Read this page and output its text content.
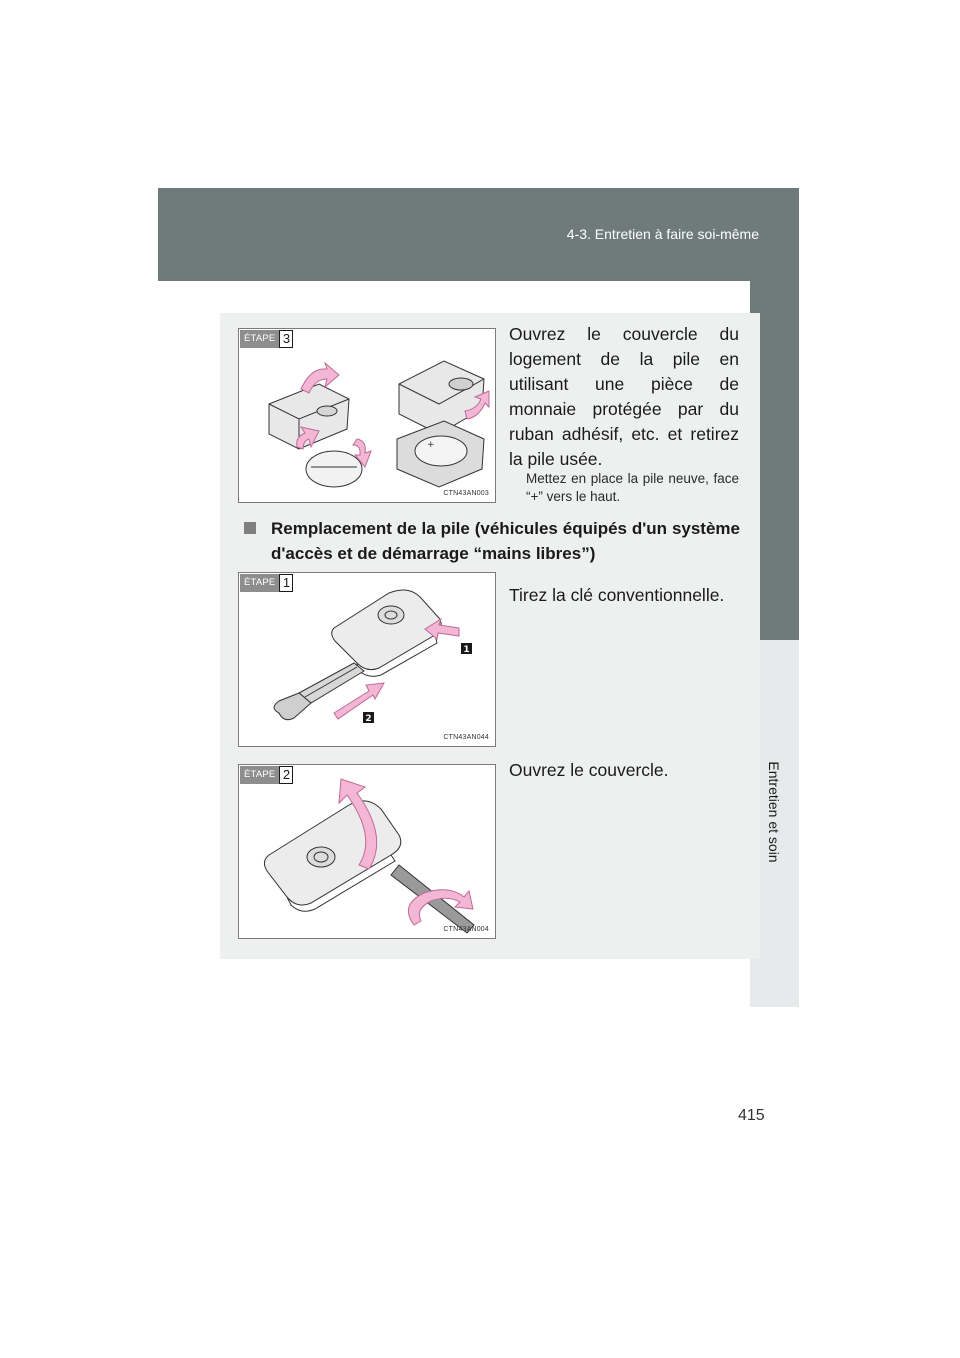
4-3. Entretien à faire soi-même
Entretien et soin
+
ÉTAPE 3
CTN43AN003
Ouvrez le couvercle du logement de la pile en utilisant une pièce de monnaie protégée par du ruban adhésif, etc. et retirez la pile usée.
Mettez en place la pile neuve, face “+” vers le haut.
Remplacement de la pile (véhicules équipés d'un système d'accès et de démarrage “mains libres”)
1
2
ÉTAPE 1
CTN43AN044
Tirez la clé conventionnelle.
ÉTAPE 2
CTN43AN004
Ouvrez le couvercle.
415
